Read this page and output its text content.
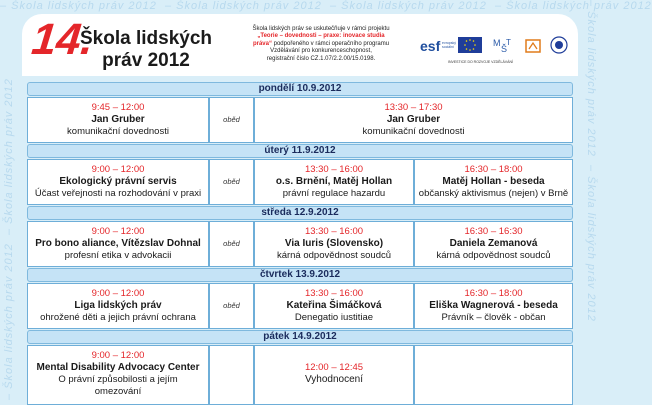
– Škola lidských práv 2012 – Škola lidských práv 2012 – Škola lidských práv 2012 – Škola lidských práv 2012
– Škola lidských práv 2012  – Škola lidských práv 2012	– Škola lidských práv 2012  – Škola lidských práv 2012
14.
Škola lidských
práv 2012
Škola lidských práv se uskutečňuje v rámci projektu
„Teorie – dovednosti – praxe: inovace studia
práva“ podpořeného v rámci operačního programu
Vzdělávání pro konkurenceschopnost,
registrační číslo CZ.1.07/2.2.00/15.0198.
esf evropský
sociální	M
Š
T
INVESTICE DO ROZVOJE VZDĚLÁVÁNÍ
pondělí 10.9.2012
9:45 – 12:00
Jan Gruber
komunikační dovednosti
oběd
13:30 – 17:30
Jan Gruber
komunikační dovednosti
úterý 11.9.2012
9:00 – 12:00
Ekologický právní servis
Účast veřejnosti na rozhodování v praxi
oběd
13:30 – 16:00
o.s. Brnění, Matěj Hollan
právní regulace hazardu
16:30 – 18:00
Matěj Hollan - beseda
občanský aktivismus (nejen) v Brně
středa 12.9.2012
9:00 – 12:00
Pro bono aliance, Vítězslav Dohnal
profesní etika v advokacii
oběd
13:30 – 16:00
Via Iuris (Slovensko)
kárná odpovědnost soudců
16:30 – 16:30
Daniela Zemanová
kárná odpovědnost soudců
čtvrtek 13.9.2012
9:00 – 12:00
Liga lidských práv
ohrožené děti a jejich právní ochrana
oběd
13:30 – 16:00
Kateřina Šimáčková
Denegatio iustitiae
16:30 – 18:00
Eliška Wagnerová - beseda
Právník – člověk - občan
pátek 14.9.2012
9:00 – 12:00
Mental Disability Advocacy Center
O právní způsobilosti a jejím
omezování
12:00 – 12:45
Vyhodnocení
